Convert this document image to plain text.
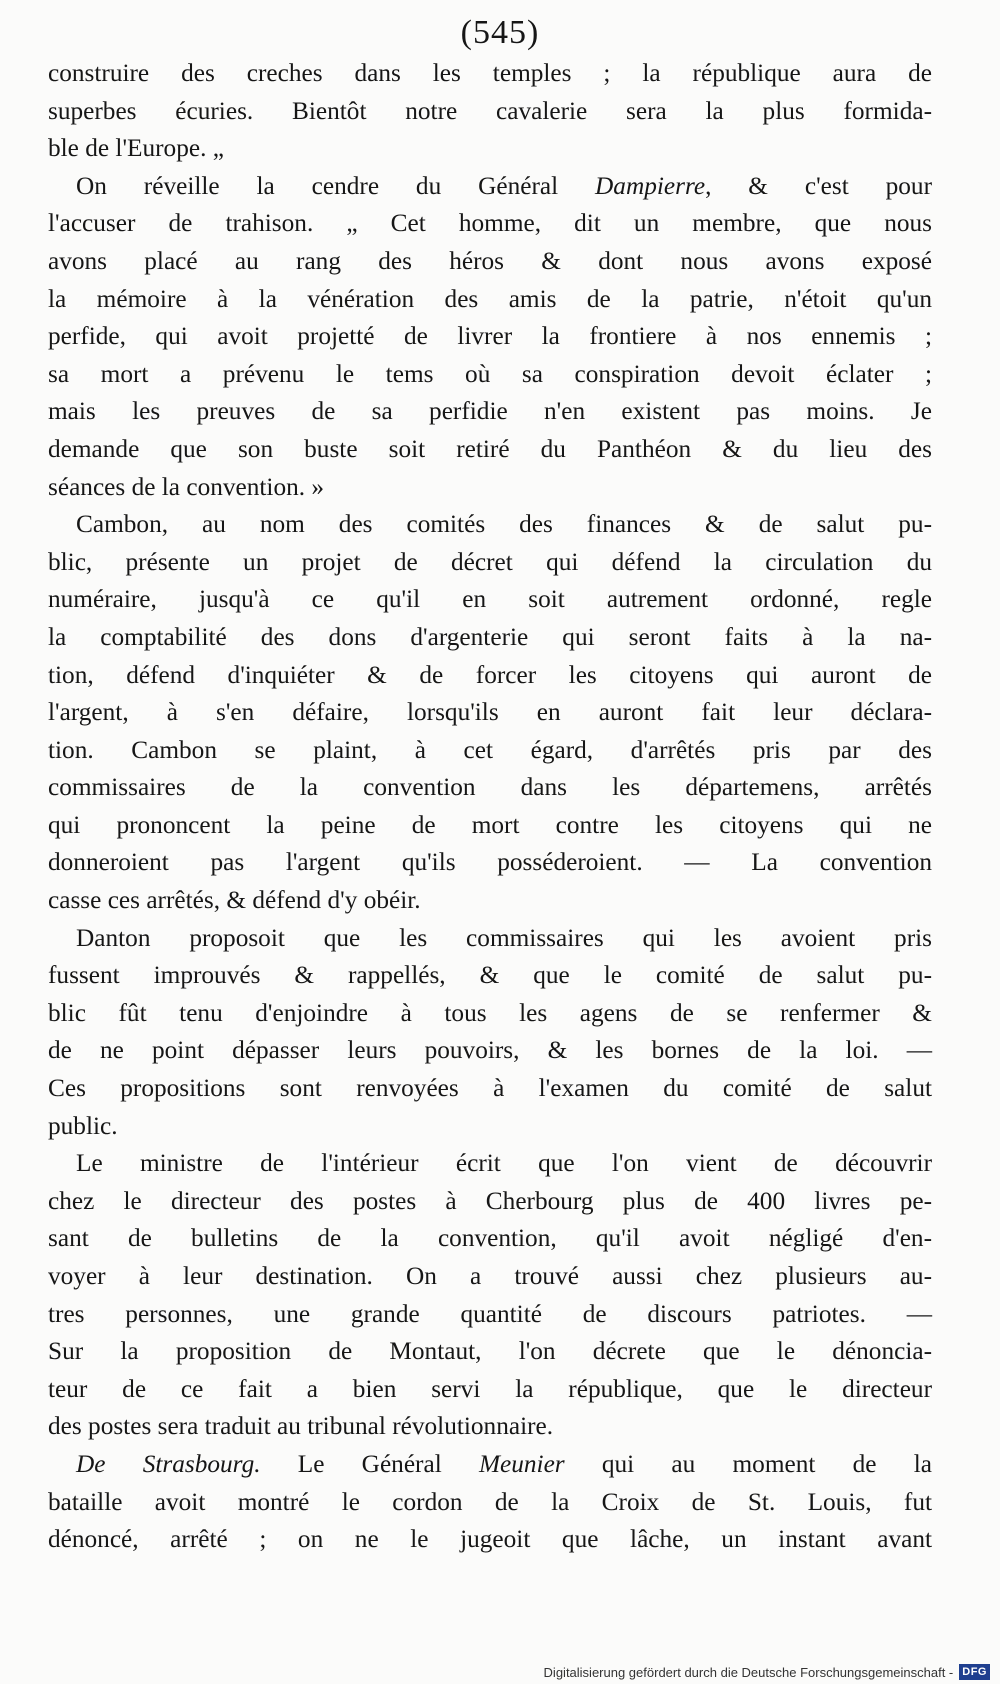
(545)
construire des creches dans les temples ; la république aura de
superbes écuries. Bientôt notre cavalerie sera la plus formida-
ble de l'Europe. „
On réveille la cendre du Général Dampierre, & c'est pour
l'accuser de trahison. „ Cet homme, dit un membre, que nous
avons placé au rang des héros & dont nous avons exposé
la mémoire à la vénération des amis de la patrie, n'étoit qu'un
perfide, qui avoit projetté de livrer la frontiere à nos ennemis ;
sa mort a prévenu le tems où sa conspiration devoit éclater ;
mais les preuves de sa perfidie n'en existent pas moins. Je
demande que son buste soit retiré du Panthéon & du lieu des
séances de la convention. »
Cambon, au nom des comités des finances & de salut pu-
blic, présente un projet de décret qui défend la circulation du
numéraire, jusqu'à ce qu'il en soit autrement ordonné, regle
la comptabilité des dons d'argenterie qui seront faits à la na-
tion, défend d'inquiéter & de forcer les citoyens qui auront de
l'argent, à s'en défaire, lorsqu'ils en auront fait leur déclara-
tion. Cambon se plaint, à cet égard, d'arrêtés pris par des
commissaires de la convention dans les départemens, arrêtés
qui prononcent la peine de mort contre les citoyens qui ne
donneroient pas l'argent qu'ils posséderoient. — La convention
casse ces arrêtés, & défend d'y obéir.
Danton proposoit que les commissaires qui les avoient pris
fussent improuvés & rappellés, & que le comité de salut pu-
blic fût tenu d'enjoindre à tous les agens de se renfermer &
de ne point dépasser leurs pouvoirs, & les bornes de la loi. —
Ces propositions sont renvoyées à l'examen du comité de salut
public.
Le ministre de l'intérieur écrit que l'on vient de découvrir
chez le directeur des postes à Cherbourg plus de 400 livres pe-
sant de bulletins de la convention, qu'il avoit négligé d'en-
voyer à leur destination. On a trouvé aussi chez plusieurs au-
tres personnes, une grande quantité de discours patriotes. —
Sur la proposition de Montaut, l'on décrete que le dénoncia-
teur de ce fait a bien servi la république, que le directeur
des postes sera traduit au tribunal révolutionnaire.
De Strasbourg. Le Général Meunier qui au moment de la
bataille avoit montré le cordon de la Croix de St. Louis, fut
dénoncé, arrêté ; on ne le jugeoit que lâche, un instant avant
Digitalisierung gefördert durch die Deutsche Forschungsgemeinschaft - DFG
